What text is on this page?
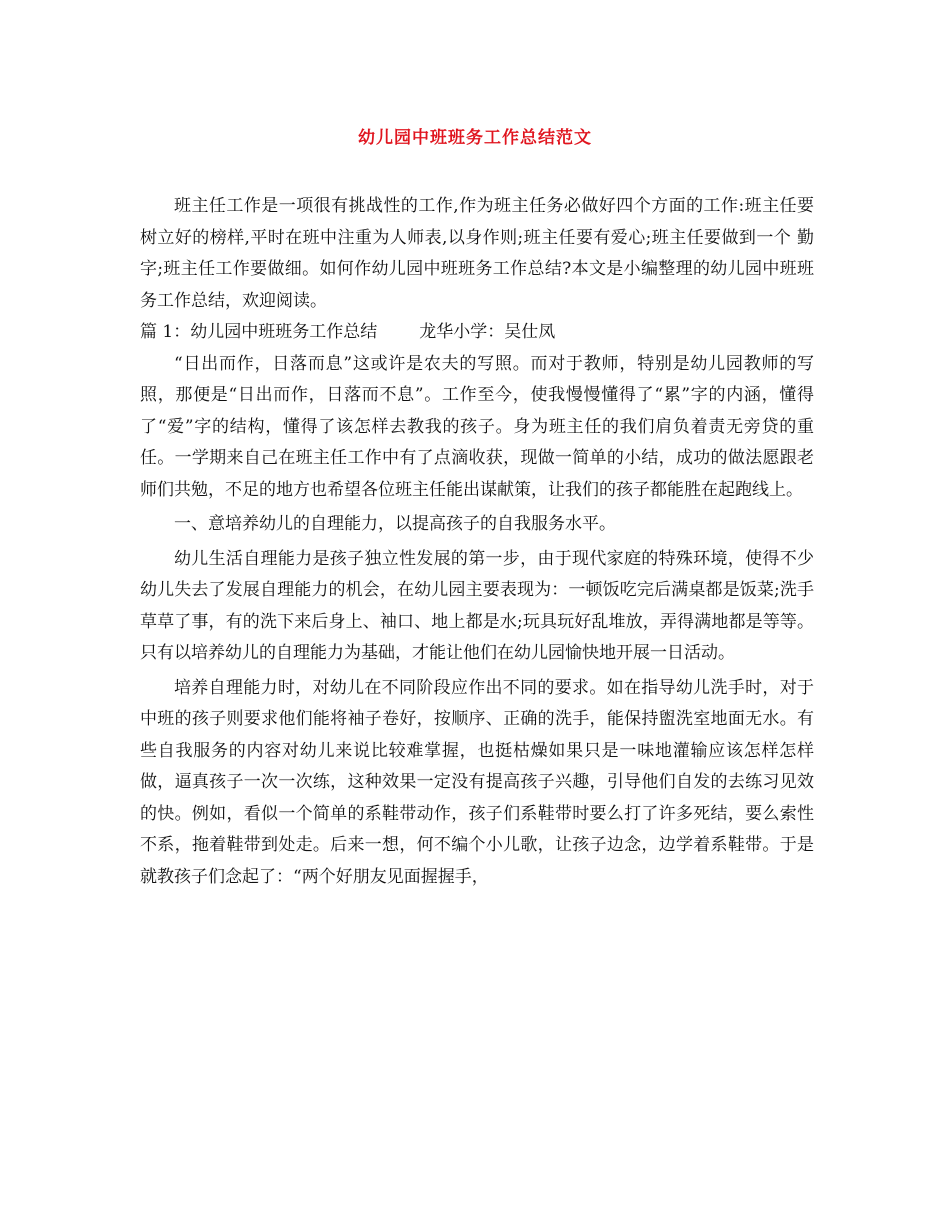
幼儿园中班班务工作总结范文

班主任工作是一项很有挑战性的工作,作为班主任务必做好四个方面的工作:班主任要树立好的榜样,平时在班中注重为人师表,以身作则;班主任要有爱心;班主任要做到一个 勤 字;班主任工作要做细。如何作幼儿园中班班务工作总结?本文是小编整理的幼儿园中班班务工作总结，欢迎阅读。

篇 1：幼儿园中班班务工作总结 龙华小学：吴仕凤

“日出而作，日落而息”这或许是农夫的写照。而对于教师，特别是幼儿园教师的写照，那便是“日出而作，日落而不息”。工作至今，使我慢慢懂得了“累”字的内涵，懂得了“爱”字的结构，懂得了该怎样去教我的孩子。身为班主任的我们肩负着责无旁贷的重任。一学期来自己在班主任工作中有了点滴收获，现做一简单的小结，成功的做法愿跟老师们共勉，不足的地方也希望各位班主任能出谋献策，让我们的孩子都能胜在起跑线上。

一、意培养幼儿的自理能力，以提高孩子的自我服务水平。

幼儿生活自理能力是孩子独立性发展的第一步，由于现代家庭的特殊环境，使得不少幼儿失去了发展自理能力的机会，在幼儿园主要表现为：一顿饭吃完后满桌都是饭菜;洗手草草了事，有的洗下来后身上、袖口、地上都是水;玩具玩好乱堆放，弄得满地都是等等。只有以培养幼儿的自理能力为基础，才能让他们在幼儿园愉快地开展一日活动。

培养自理能力时，对幼儿在不同阶段应作出不同的要求。如在指导幼儿洗手时，对于中班的孩子则要求他们能将袖子卷好，按顺序、正确的洗手，能保持盥洗室地面无水。有些自我服务的内容对幼儿来说比较难掌握，也挺枯燥如果只是一味地灌输应该怎样怎样做，逼真孩子一次一次练，这种效果一定没有提高孩子兴趣，引导他们自发的去练习见效的快。例如，看似一个简单的系鞋带动作，孩子们系鞋带时要么打了许多死结，要么索性不系，拖着鞋带到处走。后来一想，何不编个小儿歌，让孩子边念，边学着系鞋带。于是就教孩子们念起了：“两个好朋友见面握握手，
